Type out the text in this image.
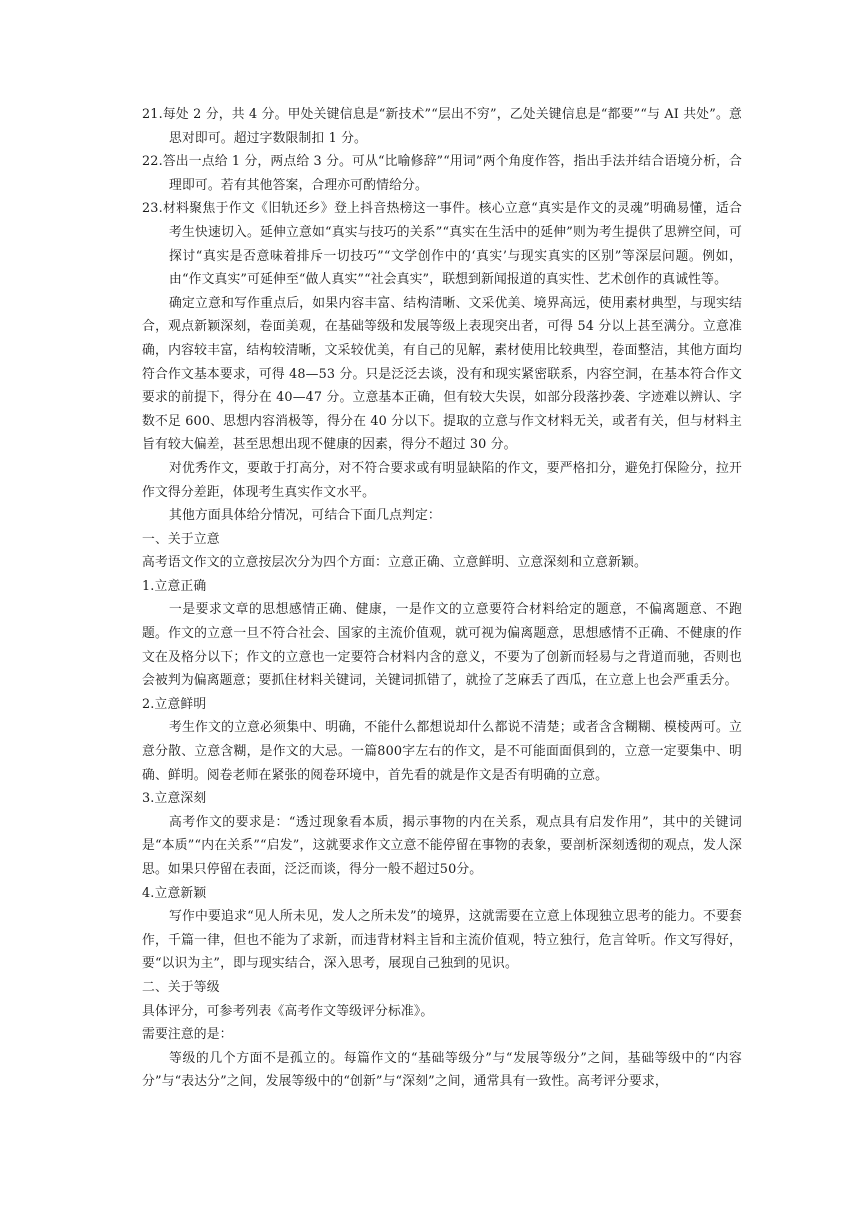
21.每处 2 分，共 4 分。甲处关键信息是“新技术”“层出不穷”，乙处关键信息是“都要”“与 AI 共处”。意思对即可。超过字数限制扣 1 分。

22.答出一点给 1 分，两点给 3 分。可从“比喻修辞”“用词”两个角度作答，指出手法并结合语境分析，合理即可。若有其他答案，合理亦可酌情给分。

23.材料聚焦于作文《旧轨还乡》登上抖音热榜这一事件。核心立意“真实是作文的灵魂”明确易懂，适合考生快速切入。延伸立意如“真实与技巧的关系”“真实在生活中的延伸”则为考生提供了思辨空间，可探讨“真实是否意味着排斥一切技巧”“文学创作中的‘真实’与现实真实的区别”等深层问题。例如，由“作文真实”可延伸至“做人真实”“社会真实”，联想到新闻报道的真实性、艺术创作的真诚性等。

确定立意和写作重点后，如果内容丰富、结构清晰、文采优美、境界高远，使用素材典型，与现实结合，观点新颖深刻，卷面美观，在基础等级和发展等级上表现突出者，可得 54 分以上甚至满分。立意准确，内容较丰富，结构较清晰，文采较优美，有自己的见解，素材使用比较典型，卷面整洁，其他方面均符合作文基本要求，可得 48—53 分。只是泛泛去谈，没有和现实紧密联系，内容空洞，在基本符合作文要求的前提下，得分在 40—47 分。立意基本正确，但有较大失误，如部分段落抄袭、字迹难以辨认、字数不足 600、思想内容消极等，得分在 40 分以下。提取的立意与作文材料无关，或者有关，但与材料主旨有较大偏差，甚至思想出现不健康的因素，得分不超过 30 分。

对优秀作文，要敢于打高分，对不符合要求或有明显缺陷的作文，要严格扣分，避免打保险分，拉开作文得分差距，体现考生真实作文水平。

其他方面具体给分情况，可结合下面几点判定：

一、关于立意

高考语文作文的立意按层次分为四个方面：立意正确、立意鲜明、立意深刻和立意新颖。

1.立意正确

一是要求文章的思想感情正确、健康，一是作文的立意要符合材料给定的题意，不偏离题意、不跑题。作文的立意一旦不符合社会、国家的主流价值观，就可视为偏离题意，思想感情不正确、不健康的作文在及格分以下；作文的立意也一定要符合材料内含的意义，不要为了创新而轻易与之背道而驰，否则也会被判为偏离题意；要抓住材料关键词，关键词抓错了，就捡了芝麻丢了西瓜，在立意上也会严重丢分。

2.立意鲜明

考生作文的立意必须集中、明确，不能什么都想说却什么都说不清楚；或者含含糊糊、模棱两可。立意分散、立意含糊，是作文的大忌。一篇800字左右的作文，是不可能面面俱到的，立意一定要集中、明确、鲜明。阅卷老师在紧张的阅卷环境中，首先看的就是作文是否有明确的立意。

3.立意深刻

高考作文的要求是：“透过现象看本质，揭示事物的内在关系，观点具有启发作用”，其中的关键词是“本质”“内在关系”“启发”，这就要求作文立意不能停留在事物的表象，要剖析深刻透彻的观点，发人深思。如果只停留在表面，泛泛而谈，得分一般不超过50分。

4.立意新颖

写作中要追求“见人所未见，发人之所未发”的境界，这就需要在立意上体现独立思考的能力。不要套作，千篇一律，但也不能为了求新，而违背材料主旨和主流价值观，特立独行，危言耸听。作文写得好，要“以识为主”，即与现实结合，深入思考，展现自己独到的见识。

二、关于等级

具体评分，可参考列表《高考作文等级评分标准》。

需要注意的是：

等级的几个方面不是孤立的。每篇作文的“基础等级分”与“发展等级分”之间，基础等级中的“内容分”与“表达分”之间，发展等级中的“创新”与“深刻”之间，通常具有一致性。高考评分要求，
